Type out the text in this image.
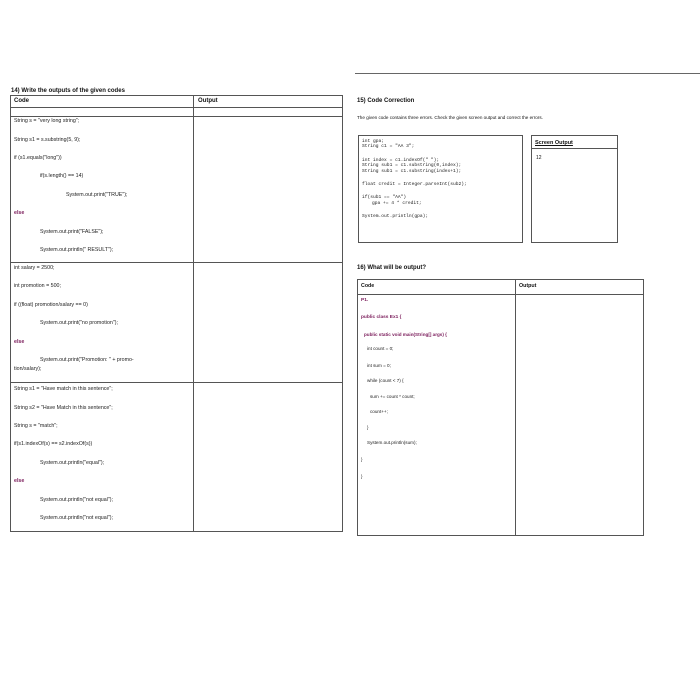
14) Write the outputs of the given codes
Code	Output
String s = "very long string";
String s1 = s.substring(5, 9);
if (s1.equals("long"))
if(s.length() == 14)
System.out.print("TRUE");
else
System.out.print("FALSE");
System.out.println(" RESULT");
int salary = 2500;
int promotion = 500;
if ((float) promotion/salary == 0)
System.out.print("no promotion");
else
System.out.print("Promotion: " + promo-
tion/salary);
String s1 = "Have match in this sentence";
String s2 = "Have Match in this sentence";
String s = "match";
if(s1.indexOf(s) == s2.indexOf(s))
System.out.println("equal");
else
System.out.println("not equal");
System.out.println("not equal");
15) Code Correction
The given code contains three errors. Check the given screen output and correct the errors.
int gpa;
String c1 = "AA 3";
int index = c1.indexOf(" ");
String sub1 = c1.substring(0,index);
String sub1 = c1.substring(index+1);
float credit = Integer.parseInt(sub2);
if(sub1 == "AA")
gpa += 4 * credit;
System.out.println(gpa);
Screen Output
12
16) What will be output?
Code	Output
P1.
public class Ex1 {
public static void main(String[] args) {
int count = 0;
int sum = 0;
while (count < 7) {
sum += count * count;
count++;
}
System.out.println(sum);
}
}
